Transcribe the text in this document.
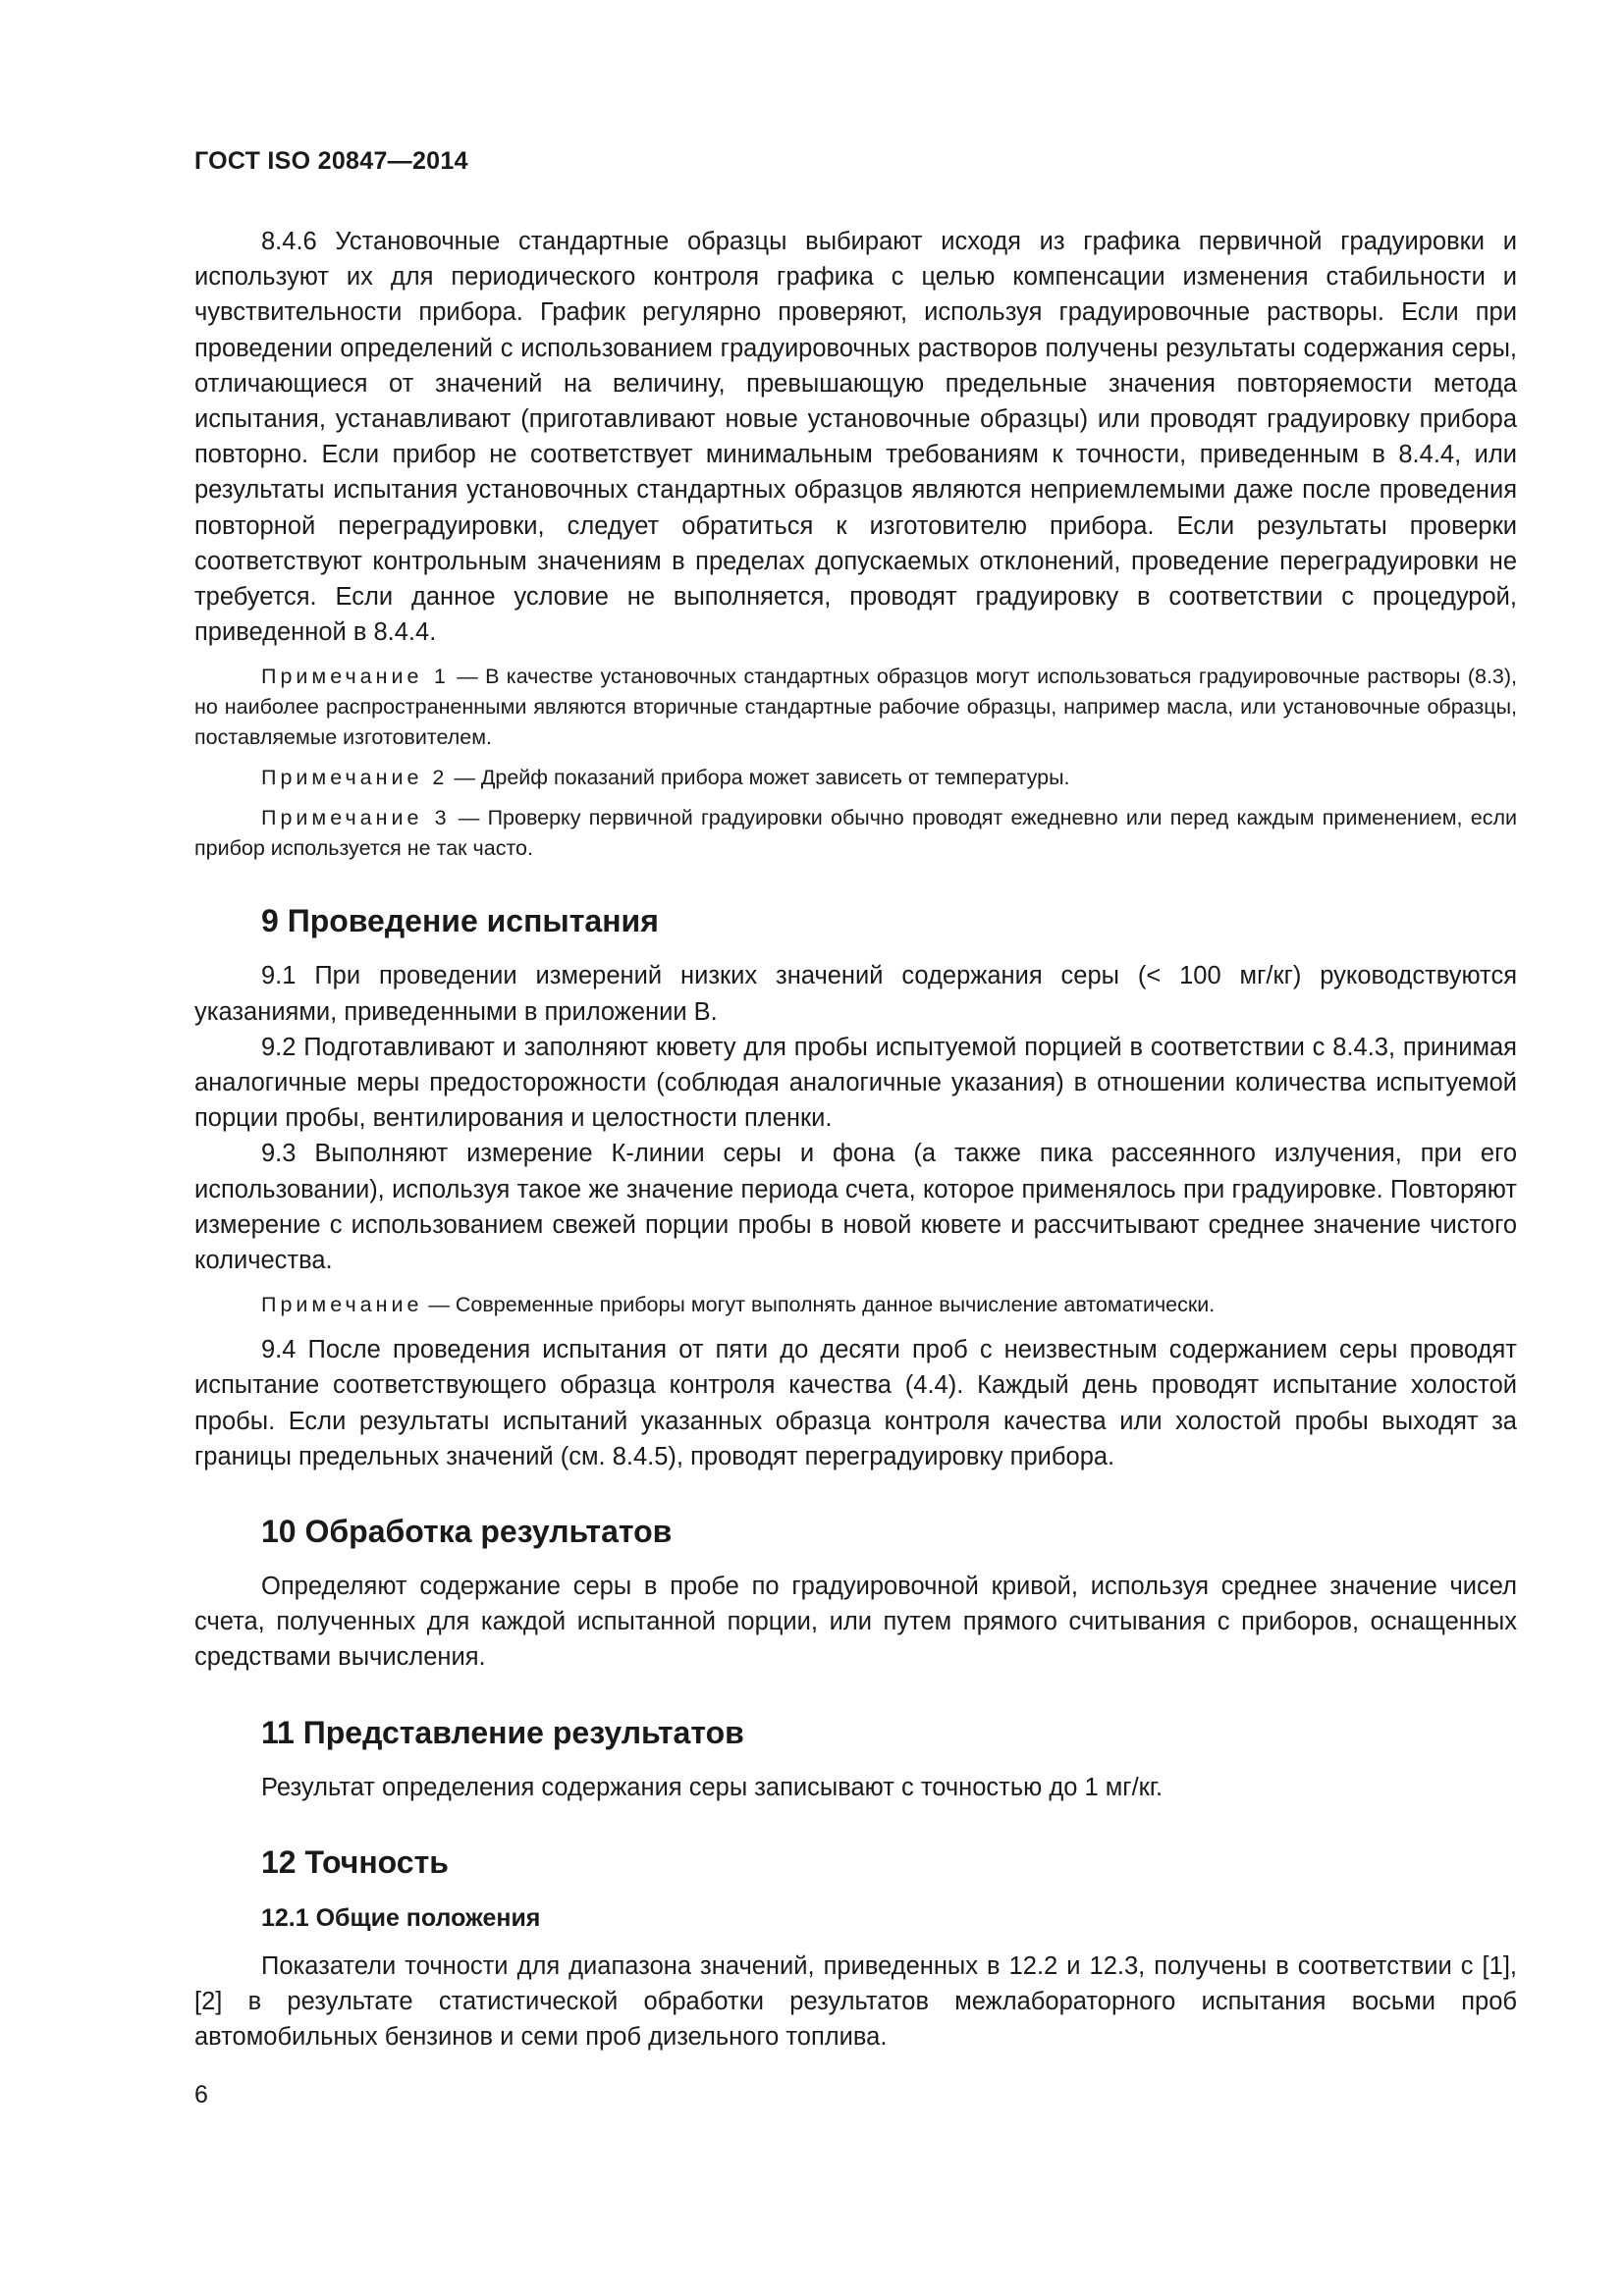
ГОСТ ISO 20847—2014

8.4.6 Установочные стандартные образцы выбирают исходя из графика первичной градуировки и используют их для периодического контроля графика с целью компенсации изменения стабильности и чувствительности прибора. График регулярно проверяют, используя градуировочные растворы. Если при проведении определений с использованием градуировочных растворов получены результаты содержания серы, отличающиеся от значений на величину, превышающую предельные значения повторяемости метода испытания, устанавливают (приготавливают новые установочные образцы) или проводят градуировку прибора повторно. Если прибор не соответствует минимальным требованиям к точности, приведенным в 8.4.4, или результаты испытания установочных стандартных образцов являются неприемлемыми даже после проведения повторной переградуировки, следует обратиться к изготовителю прибора. Если результаты проверки соответствуют контрольным значениям в пределах допускаемых отклонений, проведение переградуировки не требуется. Если данное условие не выполняется, проводят градуировку в соответствии с процедурой, приведенной в 8.4.4.

Примечание 1 — В качестве установочных стандартных образцов могут использоваться градуировочные растворы (8.3), но наиболее распространенными являются вторичные стандартные рабочие образцы, например масла, или установочные образцы, поставляемые изготовителем.

Примечание 2 — Дрейф показаний прибора может зависеть от температуры.

Примечание 3 — Проверку первичной градуировки обычно проводят ежедневно или перед каждым применением, если прибор используется не так часто.

9 Проведение испытания

9.1 При проведении измерений низких значений содержания серы (< 100 мг/кг) руководствуются указаниями, приведенными в приложении В.

9.2 Подготавливают и заполняют кювету для пробы испытуемой порцией в соответствии с 8.4.3, принимая аналогичные меры предосторожности (соблюдая аналогичные указания) в отношении количества испытуемой порции пробы, вентилирования и целостности пленки.

9.3 Выполняют измерение К-линии серы и фона (а также пика рассеянного излучения, при его использовании), используя такое же значение периода счета, которое применялось при градуировке. Повторяют измерение с использованием свежей порции пробы в новой кювете и рассчитывают среднее значение чистого количества.

Примечание — Современные приборы могут выполнять данное вычисление автоматически.

9.4 После проведения испытания от пяти до десяти проб с неизвестным содержанием серы проводят испытание соответствующего образца контроля качества (4.4). Каждый день проводят испытание холостой пробы. Если результаты испытаний указанных образца контроля качества или холостой пробы выходят за границы предельных значений (см. 8.4.5), проводят переградуировку прибора.

10 Обработка результатов

Определяют содержание серы в пробе по градуировочной кривой, используя среднее значение чисел счета, полученных для каждой испытанной порции, или путем прямого считывания с приборов, оснащенных средствами вычисления.

11 Представление результатов

Результат определения содержания серы записывают с точностью до 1 мг/кг.

12 Точность
12.1 Общие положения

Показатели точности для диапазона значений, приведенных в 12.2 и 12.3, получены в соответствии с [1], [2] в результате статистической обработки результатов межлабораторного испытания восьми проб автомобильных бензинов и семи проб дизельного топлива.

6
